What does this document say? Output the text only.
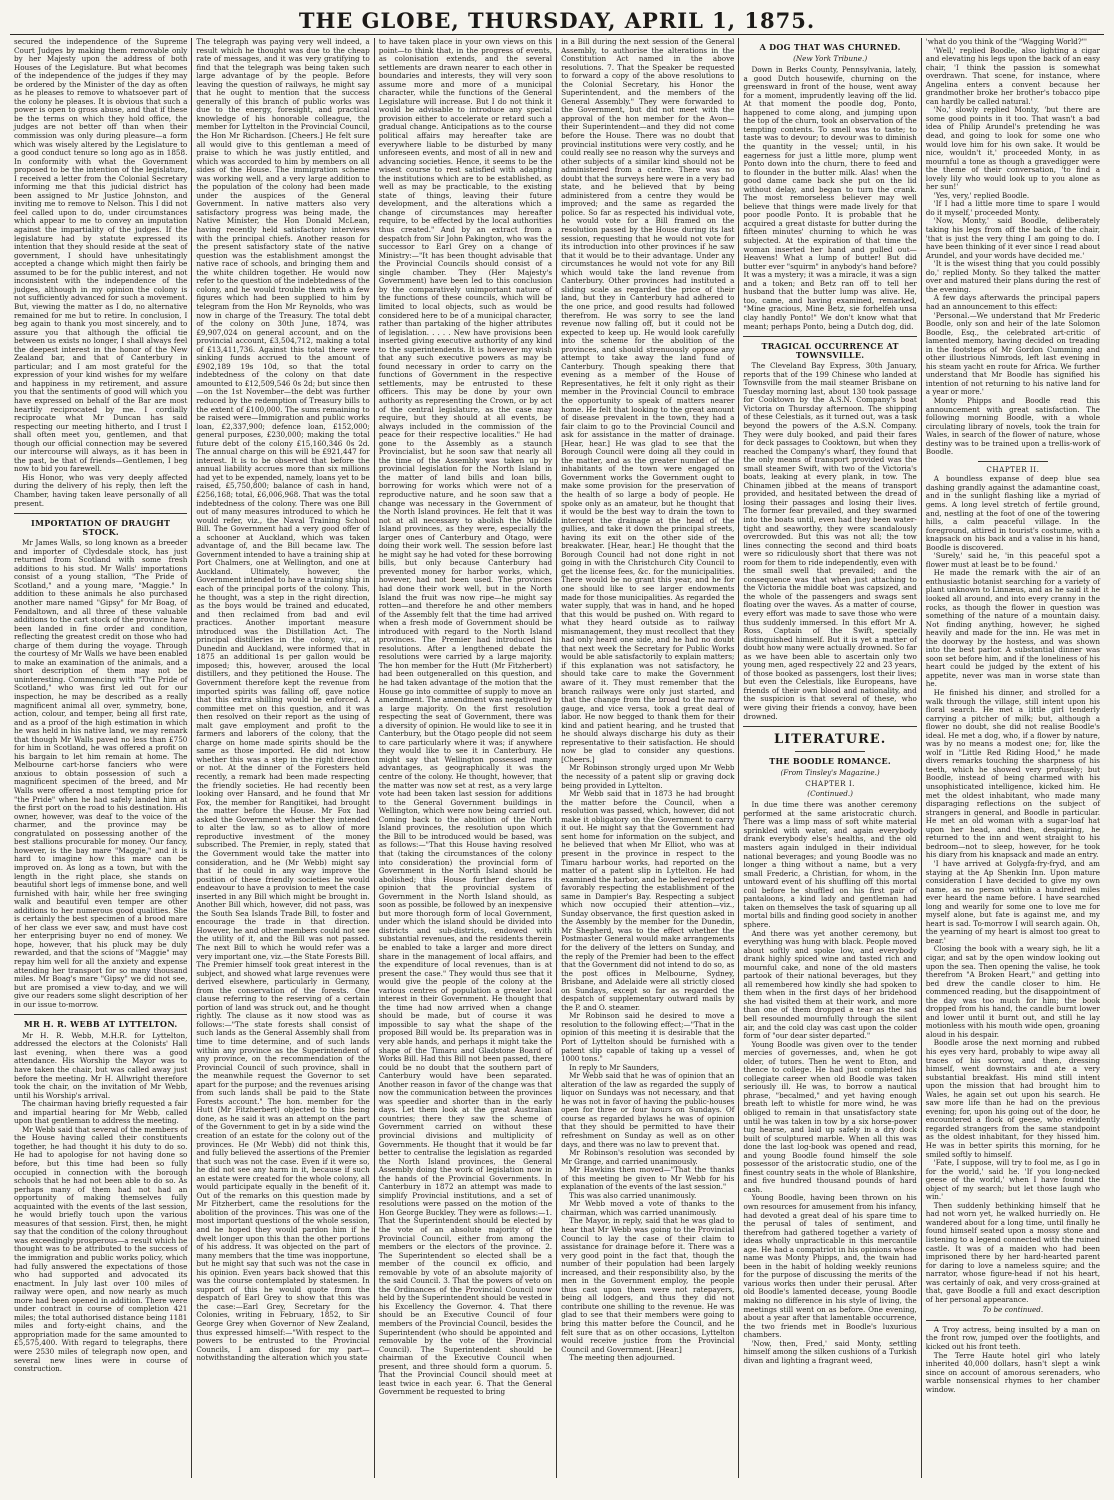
THE GLOBE, THURSDAY, APRIL 1, 1875.

secured the independence of the Supreme Court Judges by making them removable only by her Majesty upon the address of both Houses of the Legislature. But what becomes of the independence of the judges if they may be ordered by the Minister of the day as often as he pleases to remove to whatsoever part of the colony he pleases. It is obvious that such a power is open to gross abuse, and that if these be the terms on which they hold office, the judges are not better off than when their commission was only during pleasure—a form which was wisely altered by the Legislature to a good conduct tenure so long ago as in 1858. In conformity with what the Government proposed to be the intention of the legislature, I received a letter from the Colonial Secretary informing me that this judicial district has been assigned to Mr Justice Johnston, and inviting me to remove to Nelson. This I did not feel called upon to do, under circumstances which appear to me to convey an imputation against the impartiality of the judges. If the legislature had by statute expressed its intention that they should reside at the seat of government, I should have unhesitatingly accepted a change which might then fairly be assumed to be for the public interest, and not inconsistent with the independence of the judges, although in my opinion the colony is not sufficiently advanced for such a movement. But, viewing the matter as I do, no alternative remained for me but to retire. In conclusion, I beg again to thank you most sincerely, and to assure you that although the official tie between us exists no longer, I shall always feel the deepest interest in the honor of the New Zealand bar, and that of Canterbury in particular; and I am most grateful for the expression of your kind wishes for my welfare and happiness in my retirement, and assure you that the sentiments of good will which you have expressed on behalf of the Bar are most heartily reciprocated by me. I cordially reciprocate what Mr Duncan has said respecting our meeting hitherto, and I trust I shall often meet you, gentlemen, and that though our official connection may be severed our intercourse will always, as it has been in the past, be that of friends—Gentlemen, I beg now to bid you farewell.

His Honor, who was very deeply affected during the delivery of his reply, then left the Chamber, having taken leave personally of all present.

IMPORTATION OF DRAUGHT STOCK.

Mr James Walls, so long known as a breeder and importer of Clydesdale stock, has just returned from Scotland with some fresh additions to his stud. Mr Walls' importations consist of a young stallion, "The Pride of Scotland," and a young mare, "Maggie." In addition to these animals he also purchased another mare named "Gipsy" for Mr Boag, of Fendaltown, and all three of these valuable additions to the cart stock of the province have been landed in fine order and condition, reflecting the greatest credit on those who had charge of them during the voyage. Through the courtesy of Mr Walls we have been enabled to make an examination of the animals, and a short description of them may not be uninteresting. Commencing with "The Pride of Scotland," who was first led out for our inspection, he may be described as a really magnificent animal all over, symmetry, bone, action, colour, and temper, being all first rate, and as a proof of the high estimation in which he was held in his native land, we may remark that though Mr Walls paved no less than £750 for him in Scotland, he was offered a profit on his bargain to let him remain at home. The Melbourne cart-horse fanciers who were anxious to obtain possession of such a magnificent specimen of the breed, and Mr Walls were offered a most tempting price for "the Pride" when he had safely landed him at the first port on the road to his destination. His owner, however, was deaf to the voice of the charmer, and the province may be congratulated on possessing another of the best stallions procurable for money. Our fancy, however, is the bay mare "Maggie," and it is hard to imagine how this mare can be improved on. As long as a town, but with the length in the right place, she stands on beautiful short legs of immense bone, and well furnished with hair, while her free swinging walk and beautiful even temper are other additions to her numerous good qualities. She is certainly the best specimen of a brood mare of her class we ever saw, and must have cost her enterprising buyer no end of money. We hope, however, that his pluck may be duly rewarded, and that the scions of "Maggie" may repay him well for all the anxiety and expense attending her transport for so many thousand miles. Mr Boag's mare "Gipsy" we did not see, but are promised a view to-day, and we will give our readers some slight description of her in our issue to-morrow.

MR H. R. WEBB AT LYTTELTON.

Mr H. R. Webb, M.H.R. for Lyttelton, addressed the electors at the Colonists' Hall last evening, when there was a good attendance. His Worship the Mayor was to have taken the chair, but was called away just before the meeting. Mr H. Allwright therefore took the chair, on the invitation of Mr Webb, until his Worship's arrival.

The chairman having briefly requested a fair and impartial hearing for Mr Webb, called upon that gentleman to address the meeting.

Mr Webb said that several of the members of the House having called their constituents together, he had thought it his duty to do so. He had to apologise for not having done so before, but this time had been so fully occupied in connection with the borough schools that he had not been able to do so. As perhaps many of them had not had an opportunity of making themselves fully acquainted with the events of the last session, he would briefly touch upon the various measures of that session. First, then, he might say that the condition of the colony throughout was exceedingly prosperous—a result which he thought was to be attributed to the success of the immigration and public works policy, which had fully answered the expectations of those who had supported and advocated its enactment. In July last over 100 miles of railway were open, and now nearly as much more had been opened in addition. There were under contract in course of completion 421 miles; the total authorised distance being 1181 miles and forty-eight chains, and the appropriation made for the same amounted to £5,575,400. With regard to telegraphs, there were 2530 miles of telegraph now open, and several new lines were in course of construction.

The telegraph was paying very well indeed, a result which he thought was due to the cheap rate of messages, and it was very gratifying to find that the telegraph was being taken such large advantage of by the people. Before leaving the question of railways, he might say that he ought to mention that the success generally of this branch of public works was due to the energy, foresight, and practical knowledge of his honorable colleague, the member for Lyttelton in the Provincial Council, the Hon Mr Richardson. [Cheers.] He felt sure all would give to this gentleman a meed of praise to which he was justly entitled, and which was accorded to him by members on all sides of the House. The immigration scheme was working well, and a very large addition to the population of the colony had been made under the auspices of the General Government. In native matters also very satisfactory progress was being made, the Native Minister, the Hon Donald McLean, having recently held satisfactory interviews with the principal chiefs. Another reason for the present satisfactory state of the native question was the establishment amongst the native race of schools, and bringing them and the white children together. He would now refer to the question of the indebtedness of the colony, and he would trouble them with a few figures which had been supplied to him by telegram from the Hon Mr Reynolds, who was now in charge of the Treasury. The total debt of the colony on 30th June, 1874, was £9,907,024 on general account, and on the provincial account, £3,504,712, making a total of £13,411,736. Against this total there were sinking funds accrued to the amount of £902,189 19s 10d, so that the total indebtedness of the colony on that date amounted to £12,509,546 0s 2d; but since then—on the 1st November—the debt was further reduced by the redemption of Treasury bills to the extent of £100,000. The sums remaining to be raised were—Immigration and public works loan, £2,337,900; defence loan, £152,000; general purposes, £230,000; making the total future debt of the colony £15,160,346 0s 2d. The annual charge on this will be £921,447 for interest. It is to be observed that before the annual liability accrues more than six millions had yet to be expended, namely, loans yet to be raised, £5,750,800; balance of cash in hand, £256,168; total, £6,006,968. That was the total indebtedness of the colony. There was one Bill out of many measures introduced to which he would refer, viz., the Naval Training School Bill. The Government had a very good offer of a schooner at Auckland, which was taken advantage of, and the Bill became law. The Government intended to have a training ship at Port Chalmers, one at Wellington, and one at Auckland. Ultimately, however, the Government intended to have a training ship in each of the principal ports of the colony. This, he thought, was a step in the right direction, as the boys would be trained and educated, and then reclaimed from bad and evil practices. Another important measure introduced was the Distillation Act. The principal distilleries in the colony, viz., at Dunedin and Auckland, were informed that in 1875 an additional 1s per gallon would be imposed; this, however, aroused the local distillers, and they petitioned the House. The Government therefore kept the revenue from imported spirits was falling off, gave notice that this extra shilling would be enforced. A committee met on this question, and it was then resolved on their report as the using of malt gave employment and profit to the farmers and laborers of the colony, that the charge on home made spirits should be the same as those imported. He did not know whether this was a step in the right direction or not. At the dinner of the Foresters held recently, a remark had been made respecting the friendly societies. He had recently been looking over Hansard, and he found that Mr Fox, the member for Rangitikei, had brought the matter before the House. Mr Fox had asked the Government whether they intended to alter the law, so as to allow of more reproductive investment of the money subscribed. The Premier, in reply, stated that the Government would take the matter into consideration, and he (Mr Webb) might say that if he could in any way improve the position of these friendly societies he would endeavour to have a provision to meet the case inserted in any Bill which might be brought in. Another Bill which, however, did not pass, was the South Sea Islands Trade Bill, to foster and encourage the trade in that direction. However, he and other members could not see the utility of it, and the Bill was not passed. The next Bill to which he would refer was a very important one, viz.—the State Forests Bill. The Premier himself took great interest in the subject, and showed what large revenues were derived elsewhere, particularly in Germany, from the conservation of the forests. One clause referring to the reserving of a certain portion of land was struck out, and he thought rightly. The clause as it now stood was as follows:—"The state forests shall consist of such lands as the General Assembly shall from time to time determine, and of such lands within any province as the Superintendent of any province, on the recommendation of the Provincial Council of such province, shall in the meanwhile request the Governor to set apart for the purpose; and the revenues arising from such lands shall be paid to the State Forests account." The hon. member for the Hutt (Mr Fitzherbert) objected to this being done, as he said it was an attempt on the part of the Government to get in by a side wind the creation of an estate for the colony out of the provinces. He (Mr Webb) did not think this, and fully believed the assertions of the Premier that such was not the case. Even if it were so, he did not see any harm in it, because if such an estate were created for the whole colony, all would participate equally in the benefit of it. Out of the remarks on this question made by Mr Fitzherbert, came the resolutions for the abolition of the provinces. This was one of the most important questions of the whole session, and he hoped they would pardon him if he dwelt longer upon this than the other portions of his address. It was objected on the part of many members that the time was inopportune, but he might say that such was not the case in his opinion. Even years back showed that this was the course contemplated by statesmen. In support of this he would quote from the despatch of Earl Grey to show that this was the case:—Earl Grey, Secretary for the Colonies, writing in February, 1852, to Sir George Grey when Governor of New Zealand, thus expressed himself:—"With respect to the powers to be entrusted to the Provincial Councils, I am disposed for my part—notwithstanding the alteration which you state

to have taken place in your own views on this point—to think that, in the progress of events, as colonisation extends, and the several settlements are drawn nearer to each other in boundaries and interests, they will very soon assume more and more of a municipal character, while the functions of the General Legislature will increase. But I do not think it would be advisable to introduce any special provision either to accelerate or retard such a gradual change. Anticipations as to the course political affairs may hereafter take are everywhere liable to be disturbed by many unforeseen events, and most of all in new and advancing societies. Hence, it seems to be the wisest course to rest satisfied with adapting the institutions which are to be established, as well as may be practicable, to the existing state of things, leaving their future development, and the alterations which a change of circumstances may hereafter require, to be effected by the local authorities thus created." And by an extract from a despatch from Sir John Pakington, who was the successor to Earl Grey on a change of Ministry:—"It has been thought advisable that the Provincial Councils should consist of a single chamber. They (Her Majesty's Government) have been led to this conclusion by the comparatively unimportant nature of the functions of these councils, which will be limited to local objects, such as would be considered here to be of a municipal character, rather than partaking of the higher attributes of legislation. . . . . New have provisions been inserted giving executive authority of any kind to the superintendents. It is however my wish that any such executive powers as may be found necessary in order to carry on the functions of Government in the respective settlements, may be entrusted to these officers. This may be done by your own authority as representing the Crown, or by act of the central legislature, as the case may require, but they should at all events, be always included in the commission of the peace for their respective localities." He had gone to the Assembly as a staunch Provincialist, but he soon saw that nearly all the time of the Assembly was taken up by provincial legislation for the North Island in the matter of land bills and loan bills, borrowing for works which were not of a reproductive nature, and he soon saw that a change was necessary in the Government of the North Island provinces. He felt that it was not at all necessary to abolish the Middle Island provinces, as they were, especially the larger ones of Canterbury and Otago, were doing their work well. The session before last he might say he had voted for these borrowing bills, but only because Canterbury had prevented money for harbor works, which, however, had not been used. The provinces had done their work well, but in the North Island the fruit was now ripe—he might say rotten—and therefore he and other members of the Assembly felt that the time had arrived when a fresh mode of Government should be introduced with regard to the North Island provinces. The Premier had introduced his resolutions. After a lengthened debate the resolutions were carried by a large majority. The hon member for the Hutt (Mr Fitzherbert) had been outgeneralled on this question, and he had taken advantage of the motion that the House go into committee of supply to move an amendment. The amendment was negatived by a large majority. On the first resolution respecting the seat of Government, there was a diversity of opinion. He would like to see it in Canterbury, but the Otago people did not seem to care particularly where it was; if anywhere they would like to see it in Canterbury. He might say that Wellington possessed many advantages, as geographically it was the centre of the colony. He thought, however, that the matter was now set at rest, as a very large vote had been taken last session for additions to the General Government buildings in Wellington, which were now being carried out. Coming back to the abolition of the North Island provinces, the resolution upon which the Bill to be introduced would be based, was as follows:—"That this House having resolved that (taking the circumstances of the colony into consideration) the provincial form of Government in the North Island should be abolished; this House further declares its opinion that the provincial system of Government in the North Island should, as soon as possible, be followed by an inexpensive but more thorough form of local Government, under which the island should be divided into districts and sub-districts, endowed with substantial revenues, and the residents therein be enabled to take a larger and more direct share in the management of local affairs, and the expenditure of local revenues, than is at present the case." They would thus see that it would give the people of the colony at the various centres of population a greater local interest in their Government. He thought that the time had now arrived when a change should be made, but of course it was impossible to say what the shape of the proposed Bill would be. Its preparation was in very able hands, and perhaps it might take the shape of the Timaru and Gladstone Board of Works Bill. Had this Bill not been passed, there could be no doubt that the southern part of Canterbury would have been separated. Another reason in favor of the change was that now the communication between the provinces was speedier and shorter than in the early days. Let them look at the great Australian countries; there they saw the scheme of Government carried on without these provincial divisions and multiplicity of Governments. He thought that it would be far better to centralise the legislation as regarded the North Island provinces, the General Assembly doing the work of legislation now in the hands of the Provincial Governments. In Canterbury in 1872 an attempt was made to simplify Provincial institutions, and a set of resolutions were passed on the motion of the Hon George Buckley. They were as follows:—1. That the Superintendent should be elected by the vote of an absolute majority of the Provincial Council, either from among the members or the electors of the province. 2. The Superintendent so elected shall be a member of the council ex officio, and removable by vote of an absolute majority of the said Council. 3. That the powers of veto on the Ordinances of the Provincial Council now held by the Superintendent should be vested in his Excellency the Governor. 4. That there should be an Executive Council of four members of the Provincial Council, besides the Superintendent (who should be appointed and removable by the vote of the Provincial Council). The Superintendent should be chairman of the Executive Council when present, and three should form a quorum. 5. That the Provincial Council should meet at least twice in each year. 6. That the General Government be requested to bring

in a Bill during the next session of the General Assembly, to authorise the alterations in the Constitution Act named in the above resolutions. 7. That the Speaker be requested to forward a copy of the above resolutions to the Colonial Secretary, his Honor the Superintendent, and the members of the General Assembly." They were forwarded to the Government, but did not meet with the approval of the hon member for the Avon—their Superintendent—and they did not come before the House. There was no doubt that provincial institutions were very costly, and he could really see no reason why the surveys and other subjects of a similar kind should not be administered from a centre. There was no doubt that the surveys here were in a very bad state, and he believed that by being administered from a centre they would be improved; and the same as regarded the police. So far as respected his individual vote, he would vote for a Bill framed on the resolution passed by the House during its last session, requesting that he would not vote for its introduction into other provinces if he saw that it would be to their advantage. Under any circumstances he would not vote for any Bill which would take the land revenue from Canterbury. Other provinces had instituted a sliding scale as regarded the price of their land, but they in Canterbury had adhered to the one price, and good results had followed therefrom. He was sorry to see the land revenue now falling off, but it could not be expected to keep up. He would look carefully into the scheme for the abolition of the provinces, and should strenuously oppose any attempt to take away the land fund of Canterbury. Though speaking there that evening as a member of the House of Representatives, he felt it only right as their member in the Provincial Council to embrace the opportunity to speak of matters nearer home. He felt that looking to the great amount of disease prevalent in the town, they had a fair claim to go to the Provincial Council and ask for assistance in the matter of drainage. [Hear, hear.] He was glad to see that the Borough Council were doing all they could in the matter, and as the greater number of the inhabitants of the town were engaged on Government works the Government ought to make some provision for the preservation of the health of so large a body of people. He spoke only as an amateur, but he thought that it would be the best way to drain the town to intercept the drainage at the head of the gullies, and take it down the principal streets, having its exit on the other side of the breakwater. [Hear, hear.] He thought that the Borough Council had not done right in not going in with the Christchurch City Council to get the license fees, &c. for the municipalities. There would be no grant this year, and he for one should like to see larger endowments made for those municipalities. As regarded the water supply, that was in hand, and he hoped that this would be pushed on. With regard to what they heard outside as to railway mismanagement, they must recollect that they had only heard one side, and he had no doubt that next week the Secretary for Public Works would be able satisfactorily to explain matters; if this explanation was not satisfactory, he should take care to make the Government aware of it. They must remember that the branch railways were only just started, and that the change from the broad to the narrow gauge, and vice versa, took a great deal of labor. He now begged to thank them for their kind and patient hearing, and he trusted that he should always discharge his duty as their representative to their satisfaction. He should now be glad to consider any questions. [Cheers.]

Mr Robinson strongly urged upon Mr Webb the necessity of a patent slip or graving dock being provided in Lyttelton.

Mr Webb said that in 1873 he had brought the matter before the Council, when a resolution was passed, which, however, did not make it obligatory on the Government to carry it out. He might say that the Government had sent home for information on the subject, and he believed that when Mr Elliot, who was at present in the province in respect to the Timaru harbour works, had reported on the matter of a patent slip in Lyttelton. He had examined the harbor, and he believed reported favorably respecting the establishment of the same in Dampier's Bay. Respecting a subject which now occupied their attention—viz., Sunday observance, the first question asked in the Assembly by the member for the Dunedin, Mr Shepherd, was to the effect whether the Postmaster General would make arrangements for the delivery of the letters on Sunday, and the reply of the Premier had been to the effect that the Government did not intend to do so, as the post offices in Melbourne, Sydney, Brisbane, and Adelaide were all strictly closed on Sundays, except so far as regarded the despatch of supplementary outward mails by the P. and O. steamer.

Mr Robinson said he desired to move a resolution to the following effect;—"That in the opinion of this meeting it is desirable that the Port of Lyttelton should be furnished with a patent slip capable of taking up a vessel of 1000 tons."

In reply to Mr Saunders,

Mr Webb said that he was of opinion that an alteration of the law as regarded the supply of liquor on Sundays was not necessary, and that he was not in favor of having the public-houses open for three or four hours on Sundays. Of course as regarded bylaws he was of opinion that they should be permitted to have their refreshment on Sunday as well as on other days, and there was no law to prevent that.

Mr Robinson's resolution was seconded by Mr Grange, and carried unanimously.

Mr Hawkins then moved—"That the thanks of this meeting be given to Mr Webb for his explanation of the events of the last session."

This was also carried unanimously.

Mr Webb moved a vote of thanks to the chairman, which was carried unanimously.

The Mayor, in reply, said that he was glad to hear that Mr Webb was going to the Provincial Council to lay the case of their claim to assistance for drainage before it. There was a very good point in the fact that, though the number of their population had been largely increased, and their responsibility also, by the men in the Government employ, the people thus cast upon them were not ratepayers, being all lodgers, and thus they did not contribute one shilling to the revenue. He was glad to see that their members were going to bring this matter before the Council, and he felt sure that as on other occasions, Lyttelton would receive justice from the Provincial Council and Government. [Hear.]

The meeting then adjourned.

A DOG THAT WAS CHURNED.
(New York Tribune.)

Down in Berks County, Pennsylvania, lately, a good Dutch housewife, churning on the greensward in front of the house, went away for a moment, imprudently leaving off the lid. At that moment the poodle dog, Ponto, happened to come along, and jumping upon the top of the churn, took an observation of the tempting contents. To smell was to taste; to taste was to devour; to devour was to diminish the quantity in the vessel; until, in his eagerness for just a little more, plump went Ponto down into the churn, there to feed and to flounder in the butter milk. Alas! when the good dame came back she put on the lid without delay, and began to turn the crank. The most remorseless believer may well believe that things were made lively for that poor poodle Ponto. It is probable that he acquired a great distaste for butter during the fifteen minutes' churning to which he was subjected. At the expiration of that time the woman inserted her hand and pulled out—Heavens! What a lump of butter! But did butter ever "squirm" in anybody's hand before? It was a mystery; it was a miracle, it was a sign and a token; and Betz ran off to tell her husband that the butter lump was alive. He, too, came, and having examined, remarked, "Mine gracious, Mine Betz, sie forhelfeh unsa clay handly Ponto!" We don't know what that meant; perhaps Ponto, being a Dutch dog, did.

TRAGICAL OCCURRENCE AT TOWNSVILLE.

The Cleveland Bay Express, 30th January, reports that of the 199 Chinese who landed at Townsville from the mail steamer Brisbane on Tuesday morning last, about 130 took passage for Cooktown by the A.S.N. Company's boat Victoria on Thursday afternoon. The shipping of these Celestials, as it turned out, was a task beyond the powers of the A.S.N. Company. They were duly booked, and paid their fares for deck passages to Cooktown, but when they reached the Company's wharf, they found that the only means of transport provided was the small steamer Swift, with two of the Victoria's boats, leaking at every plank, in tow. The Chinamen jibbed at the means of transport provided, and hesitated between the dread of losing their passages and losing their lives. The former fear prevailed, and they swarmed into the boats until, even had they been water-tight and seaworthy, they were scandalously overcrowded. But this was not all; the tow lines connecting the second and third boats were so ridiculously short that there was not room for them to ride independently, even with the small swell that prevailed; and the consequence was that when just attaching to the Victoria the middle boat was capsized, and the whole of the passengers and swags sent floating over the waves. As a matter of course, every effort was made to save those who were thus suddenly immersed. In this effort Mr A. Ross, Captain of the Swift, specially distinguished himself. But it is yet a matter of doubt how many were actually drowned. So far as we have been able to ascertain only two young men, aged respectively 22 and 23 years, of those booked as passengers, lost their lives; but even the Celestials, like Europeans, have friends of their own blood and nationality, and the suspicion is that several of these, who were giving their friends a convoy, have been drowned.

LITERATURE.
THE BOODLE ROMANCE.
(From Tinsley's Magazine.)
CHAPTER I.
(Continued.)

In due time there was another ceremony performed at the same aristocratic church. There was a limp mass of soft white material sprinkled with water, and again everybody drank everybody else's healths, and the old masters again indulged in their individual national beverages; and young Boodle was no longer a thing without a name, but a very small Frederic, a Christian, for whom, in the untoward event of his shuffling off this mortal coil before he shuffled on his first pair of pantaloons, a kind lady and gentleman had taken on themselves the task of squaring up all mortal bills and finding good society in another sphere.

And there was yet another ceremony, but everything was hung with black. People moved about softly and spoke low, and everybody drank highly spiced wine and tasted rich and mournful cake, and none of the old masters partook of their national beverages, but they all remembered how kindly she had spoken to them when in the first days of her bridehood she had visited them at their work, and more than one of them dropped a tear as the sad bell resounded mournfully through the silent air, and the cold clay was cast upon the colder form of "our dear sister departed."

Young Boodle was given over to the tender mercies of governesses, and, when he got older, of tutors. Then he went to Eton, and thence to college. He had just completed his collegiate career when old Boodle was taken seriously ill. He was, to borrow a nautical phrase, "becalmed," and yet having enough breath left to whistle for more wind, he was obliged to remain in that unsatisfactory state until he was taken in tow by a six horse-power tug hearse, and laid up safely in a dry dock built of sculptured marble. When all this was done the last log-book was opened and read, and young Boodle found himself the sole possessor of the aristocratic studio, one of the finest country seats in the whole of Blankshire, and five hundred thousand pounds of hard cash.

Young Boodle, having been thrown on his own resources for amusement from his infancy, had devoted a great deal of his spare time to the perusal of tales of sentiment, and therefrom had gathered together a variety of ideas wholly unpracticable in this mercantile age. He had a compatriot in his opinions whose name was Monty Phipps, and, the twain had been in the habit of holding weekly reunions for the purpose of discussing the merits of the various works then under their perusal. After old Boodle's lamented decease, young Boodle making no difference in his style of living, the meetings still went on as before. One evening, about a year after that lamentable occurrence, the two friends met in Boodle's luxurious chambers.

'Now, then, Fred,' said Monty, settling himself among the silken cushions of a Turkish divan and lighting a fragrant weed,

'what do you think of the "Wagging World?"'

'Well,' replied Boodle, also lighting a cigar and elevating his legs upon the back of an easy chair, 'I think the passion is somewhat overdrawn. That scene, for instance, where Angelina enters a convent because her grandmother broke her brother's tobacco pipe can hardly be called natural.'

'No,' slowly replied Monty, 'but there are some good points in it too. That wasn't a bad idea of Philip Arundel's pretending he was dead, and going to look for some one who would love him for his own sake. It would be nice, wouldn't it,' proceeded Monty, in as mournful a tone as though a gravedigger were the theme of their conversation, 'to find a lovely lily who would look up to you alone as her sun!'

'Yes, very,' replied Boodle.

'If I had a little more time to spare I would do it myself,' proceeded Monty.

'Now, Monty,' said Boodle, deliberately taking his legs from off the back of the chair, 'that is just the very thing I am going to do. I have been thinking of it ever since I read about Arundel, and your words have decided me.'

'It is the wisest thing that you could possibly do,' replied Monty. So they talked the matter over and matured their plans during the rest of the evening.

A few days afterwards the principal papers had an announcement to this effect:

'Personal.—We understand that Mr Frederic Boodle, only son and heir of the late Solomon Boodle, Esq., the celebrated art-critic of lamented memory, having decided on treading in the footsteps of Mr Gordon Cumming and other illustrious Nimrods, left last evening in his steam yacht en route for Africa. We further understand that Mr Boodle has signified his intention of not returning to his native land for a year or more.'

Monty Phipps and Boodle read this announcement with great satisfaction. The following morning Boodle, with a whole circulating library of novels, took the train for Wales, in search of the flower of nature, whose destiny was to be trained upon a trellis-work of Boodle.

CHAPTER II.

A boundless expanse of deep blue sea dashing grandly against the adamantine coast, and in the sunlight flashing like a myriad of gems. A long level stretch of fertile ground, and, nestling at the foot of one of the towering hills, a calm peaceful village. In the foreground, attired in tourist's costume, with a knapsack on his back and a valise in his hand, Boodle is discovered.

'Surely,' said he, 'in this peaceful spot a flower must at least be to be found.'

He made the remark with the air of an enthusiastic botanist searching for a variety of plant unknown to Linnæus, and as he said it he looked all around, and into every cranny in the rocks, as though the flower in question was something of the nature of a mountain daisy. Not finding anything, however, he sighed heavily and made for the inn. He was met in the doorway by the hostess, and was shown into the best parlor. A substantial dinner was soon set before him, and if the loneliness of his heart could be judged by the extent of his appetite, never was man in worse state than he.

He finished his dinner, and strolled for a walk through the village, still intent upon his floral search. He met a little girl tenderly carrying a pitcher of milk; but, although a flower no doubt, she did not realise Boodle's ideal. He met a dog, who, if a flower by nature, was by no means a modest one; for, like the wolf in "Little Red Riding Hood," he made divers remarks touching the sharpness of his teeth, which he showed very profusely; but Boodle, instead of being charmed with his unsophisticated intelligence, kicked him. He met the oldest inhabitant, who made many disparaging reflections on the subject of strangers in general, and Boodle in particular. He met an old woman with a sugar-loaf hat upon her head, and then, despairing, he returned to the inn and went straight to his bedroom—not to sleep, however, for he took his diary from his knapsack and made an entry.

'I have arrived at Golygfa-fry-fryd, and am staying at the Ap Shenkin Inn. Upon mature consideration I have decided to give my own name, as no person within a hundred miles ever heard the name before. I have searched long and wearily for some one to love me for myself alone, but fate is against me, and my heart is sad. To-morrow I will search again. Oh, the yearning of my heart is almost too great to bear.'

Closing the book with a weary sigh, he lit a cigar, and sat by the open window looking out upon the sea. Then opening the valise, he took therefrom "A Broken Heart," and getting into bed drew the candle closer to him. He commenced reading, but the disappointment of the day was too much for him; the book dropped from his hand, the candle burnt lower and lower until it burnt out, and still he lay motionless with his mouth wide open, groaning aloud in his despair.

Boodle arose the next morning and rubbed his eyes very hard, probably to wipe away all traces of his sorrow, and then, dressing himself, went downstairs and ate a very substantial breakfast. His mind still intent upon the mission that had brought him to Wales, he again set out upon his search. He saw more life than he had on the previous evening; for, upon his going out of the door, he encountered a flock of geese, who evidently regarded strangers from the same standpoint as the oldest inhabitant, for they hissed him. He was in better spirits this morning, for he smiled softly to himself.

'Fate, I suppose, will try to fool me, as I go in for the world,' said he. 'If you long-necked geese of the world,' when I have found the object of my search; but let those laugh who win.'

Then suddenly bethinking himself that he had not worn yet, he walked hurriedly on. He wandered about for a long time, until finally he found himself seated upon a mossy stone and listening to a legend connected with the ruined castle. It was of a maiden who had been imprisoned there by her hard-hearted parent for daring to love a nameless squire; and the narrator, whose figure-head if not his heart, was certainly of oak, and very cross-grained at that, gave Boodle a full and exact description of her personal appearance.

To be continued.

A Troy actress, being insulted by a man on the front row, jumped over the footlights, and kicked out his front teeth.

The Terre Haute hotel girl who lately inherited 40,000 dollars, hasn't slept a wink since on account of amorous serenaders, who warble nonsensical rhymes to her chamber window.
